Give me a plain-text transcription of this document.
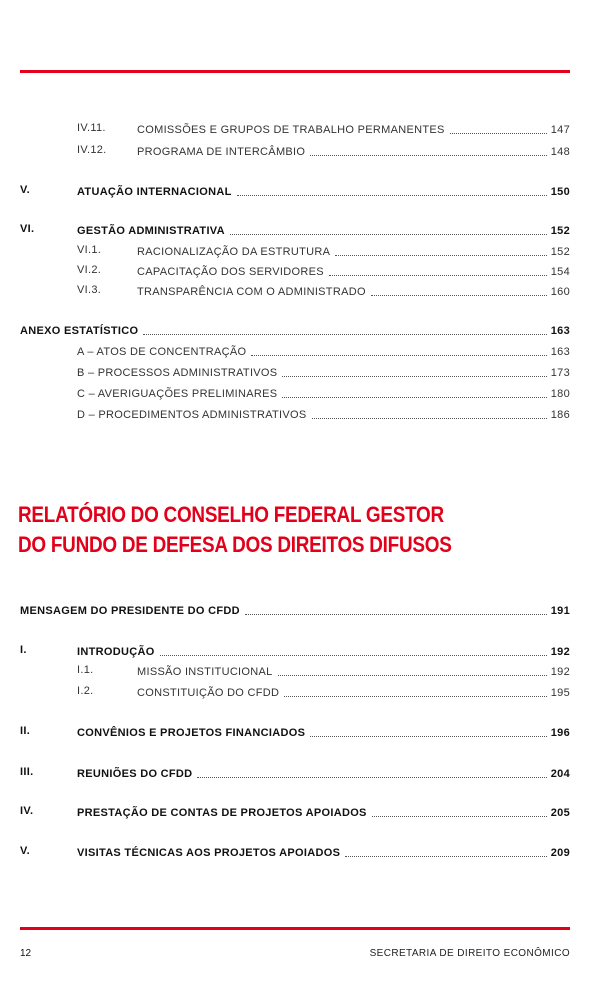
IV.11.	COMISSÕES E GRUPOS DE TRABALHO PERMANENTES	147
IV.12.	PROGRAMA DE INTERCÂMBIO	148
V.	ATUAÇÃO INTERNACIONAL	150
VI.	GESTÃO ADMINISTRATIVA	152
VI.1.	RACIONALIZAÇÃO DA ESTRUTURA	152
VI.2.	CAPACITAÇÃO DOS SERVIDORES	154
VI.3.	TRANSPARÊNCIA COM O ADMINISTRADO	160
ANEXO ESTATÍSTICO	163
A – ATOS DE CONCENTRAÇÃO	163
B – PROCESSOS ADMINISTRATIVOS	173
C – AVERIGUAÇÕES PRELIMINARES	180
D – PROCEDIMENTOS ADMINISTRATIVOS	186
RELATÓRIO DO CONSELHO FEDERAL GESTOR
DO FUNDO DE DEFESA DOS DIREITOS DIFUSOS
MENSAGEM DO PRESIDENTE DO CFDD	191
I.	INTRODUÇÃO	192
I.1.	MISSÃO INSTITUCIONAL	192
I.2.	CONSTITUIÇÃO DO CFDD	195
II.	CONVÊNIOS E PROJETOS FINANCIADOS	196
III.	REUNIÕES DO CFDD	204
IV.	PRESTAÇÃO DE CONTAS DE PROJETOS APOIADOS	205
V.	VISITAS TÉCNICAS AOS PROJETOS APOIADOS	209
12	SECRETARIA DE DIREITO ECONÔMICO
